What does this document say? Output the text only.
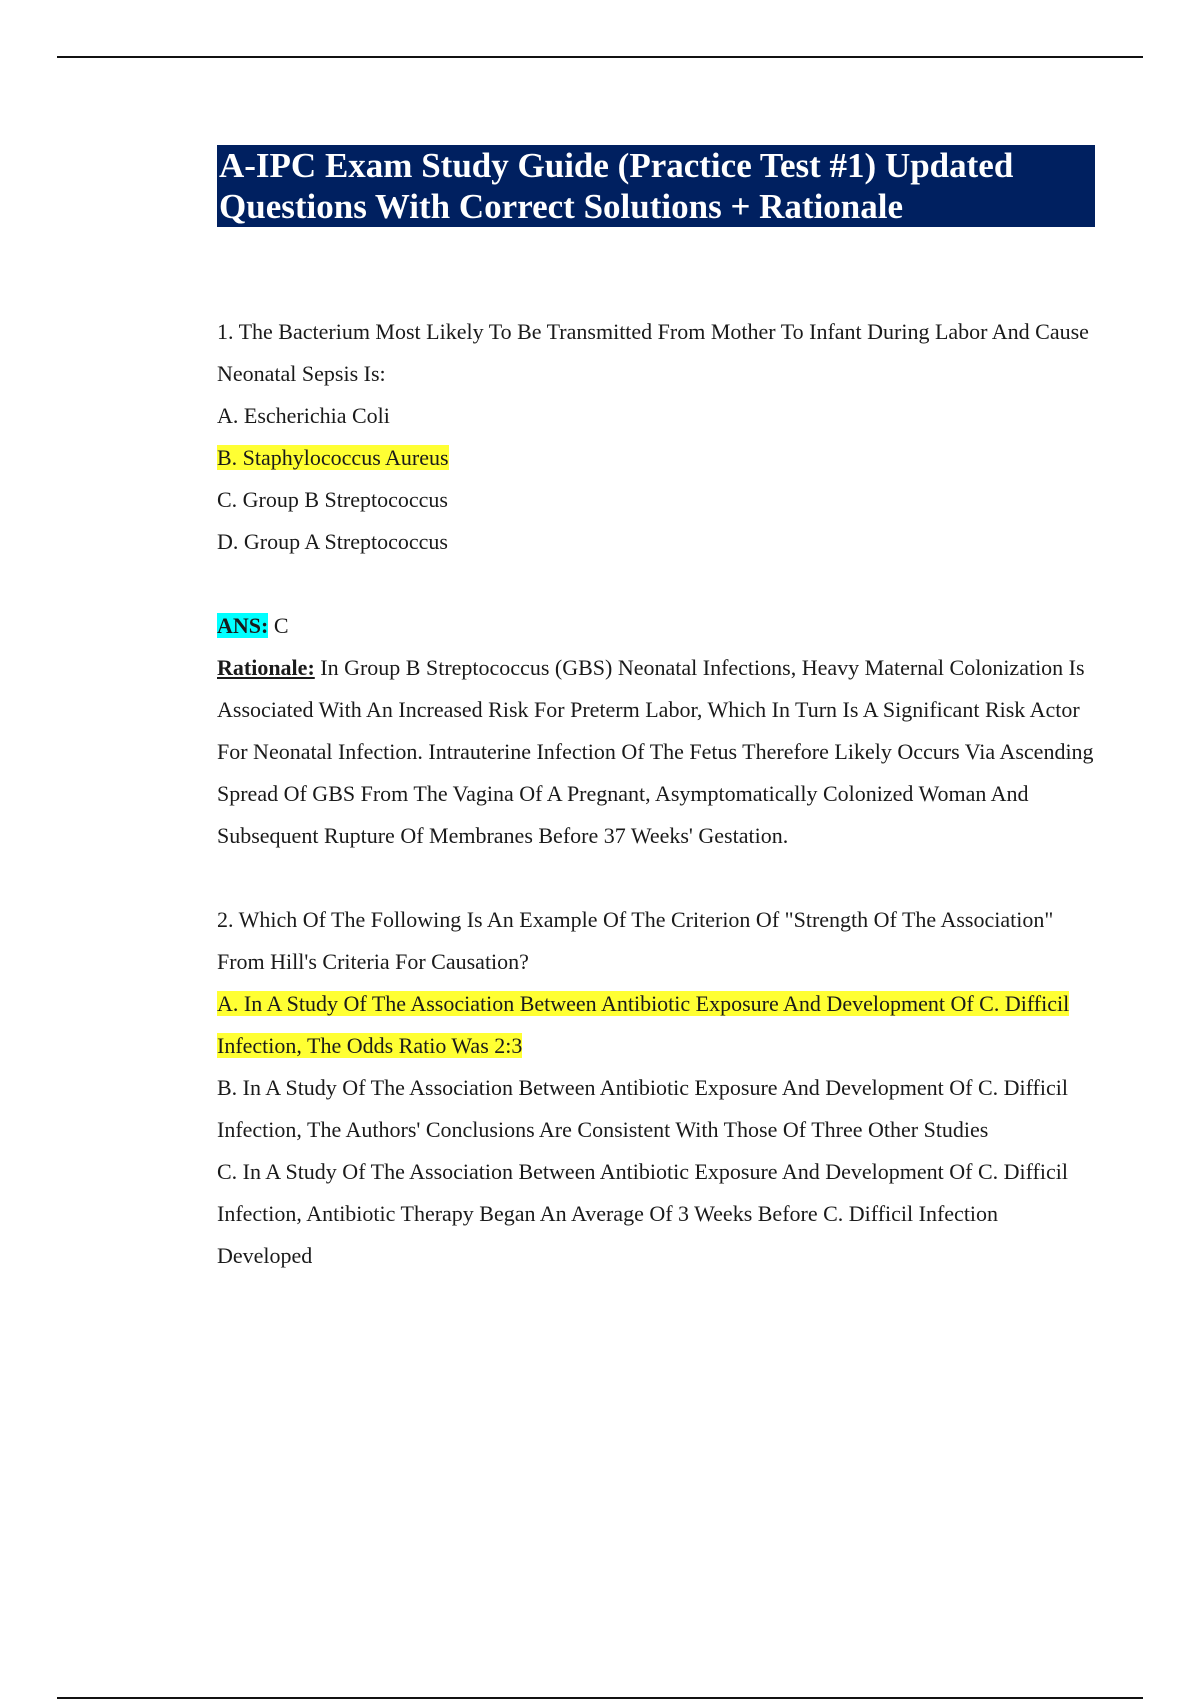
A-IPC Exam Study Guide (Practice Test #1) Updated Questions With Correct Solutions + Rationale

1. The Bacterium Most Likely To Be Transmitted From Mother To Infant During Labor And Cause Neonatal Sepsis Is:

A. Escherichia Coli

B. Staphylococcus Aureus

C. Group B Streptococcus

D. Group A Streptococcus

ANS: C

Rationale: In Group B Streptococcus (GBS) Neonatal Infections, Heavy Maternal Colonization Is Associated With An Increased Risk For Preterm Labor, Which In Turn Is A Significant Risk Actor For Neonatal Infection. Intrauterine Infection Of The Fetus Therefore Likely Occurs Via Ascending Spread Of GBS From The Vagina Of A Pregnant, Asymptomatically Colonized Woman And Subsequent Rupture Of Membranes Before 37 Weeks' Gestation.

2. Which Of The Following Is An Example Of The Criterion Of "Strength Of The Association" From Hill's Criteria For Causation?

A. In A Study Of The Association Between Antibiotic Exposure And Development Of C. Difficil Infection, The Odds Ratio Was 2:3

B. In A Study Of The Association Between Antibiotic Exposure And Development Of C. Difficil Infection, The Authors' Conclusions Are Consistent With Those Of Three Other Studies

C. In A Study Of The Association Between Antibiotic Exposure And Development Of C. Difficil Infection, Antibiotic Therapy Began An Average Of 3 Weeks Before C. Difficil Infection Developed
